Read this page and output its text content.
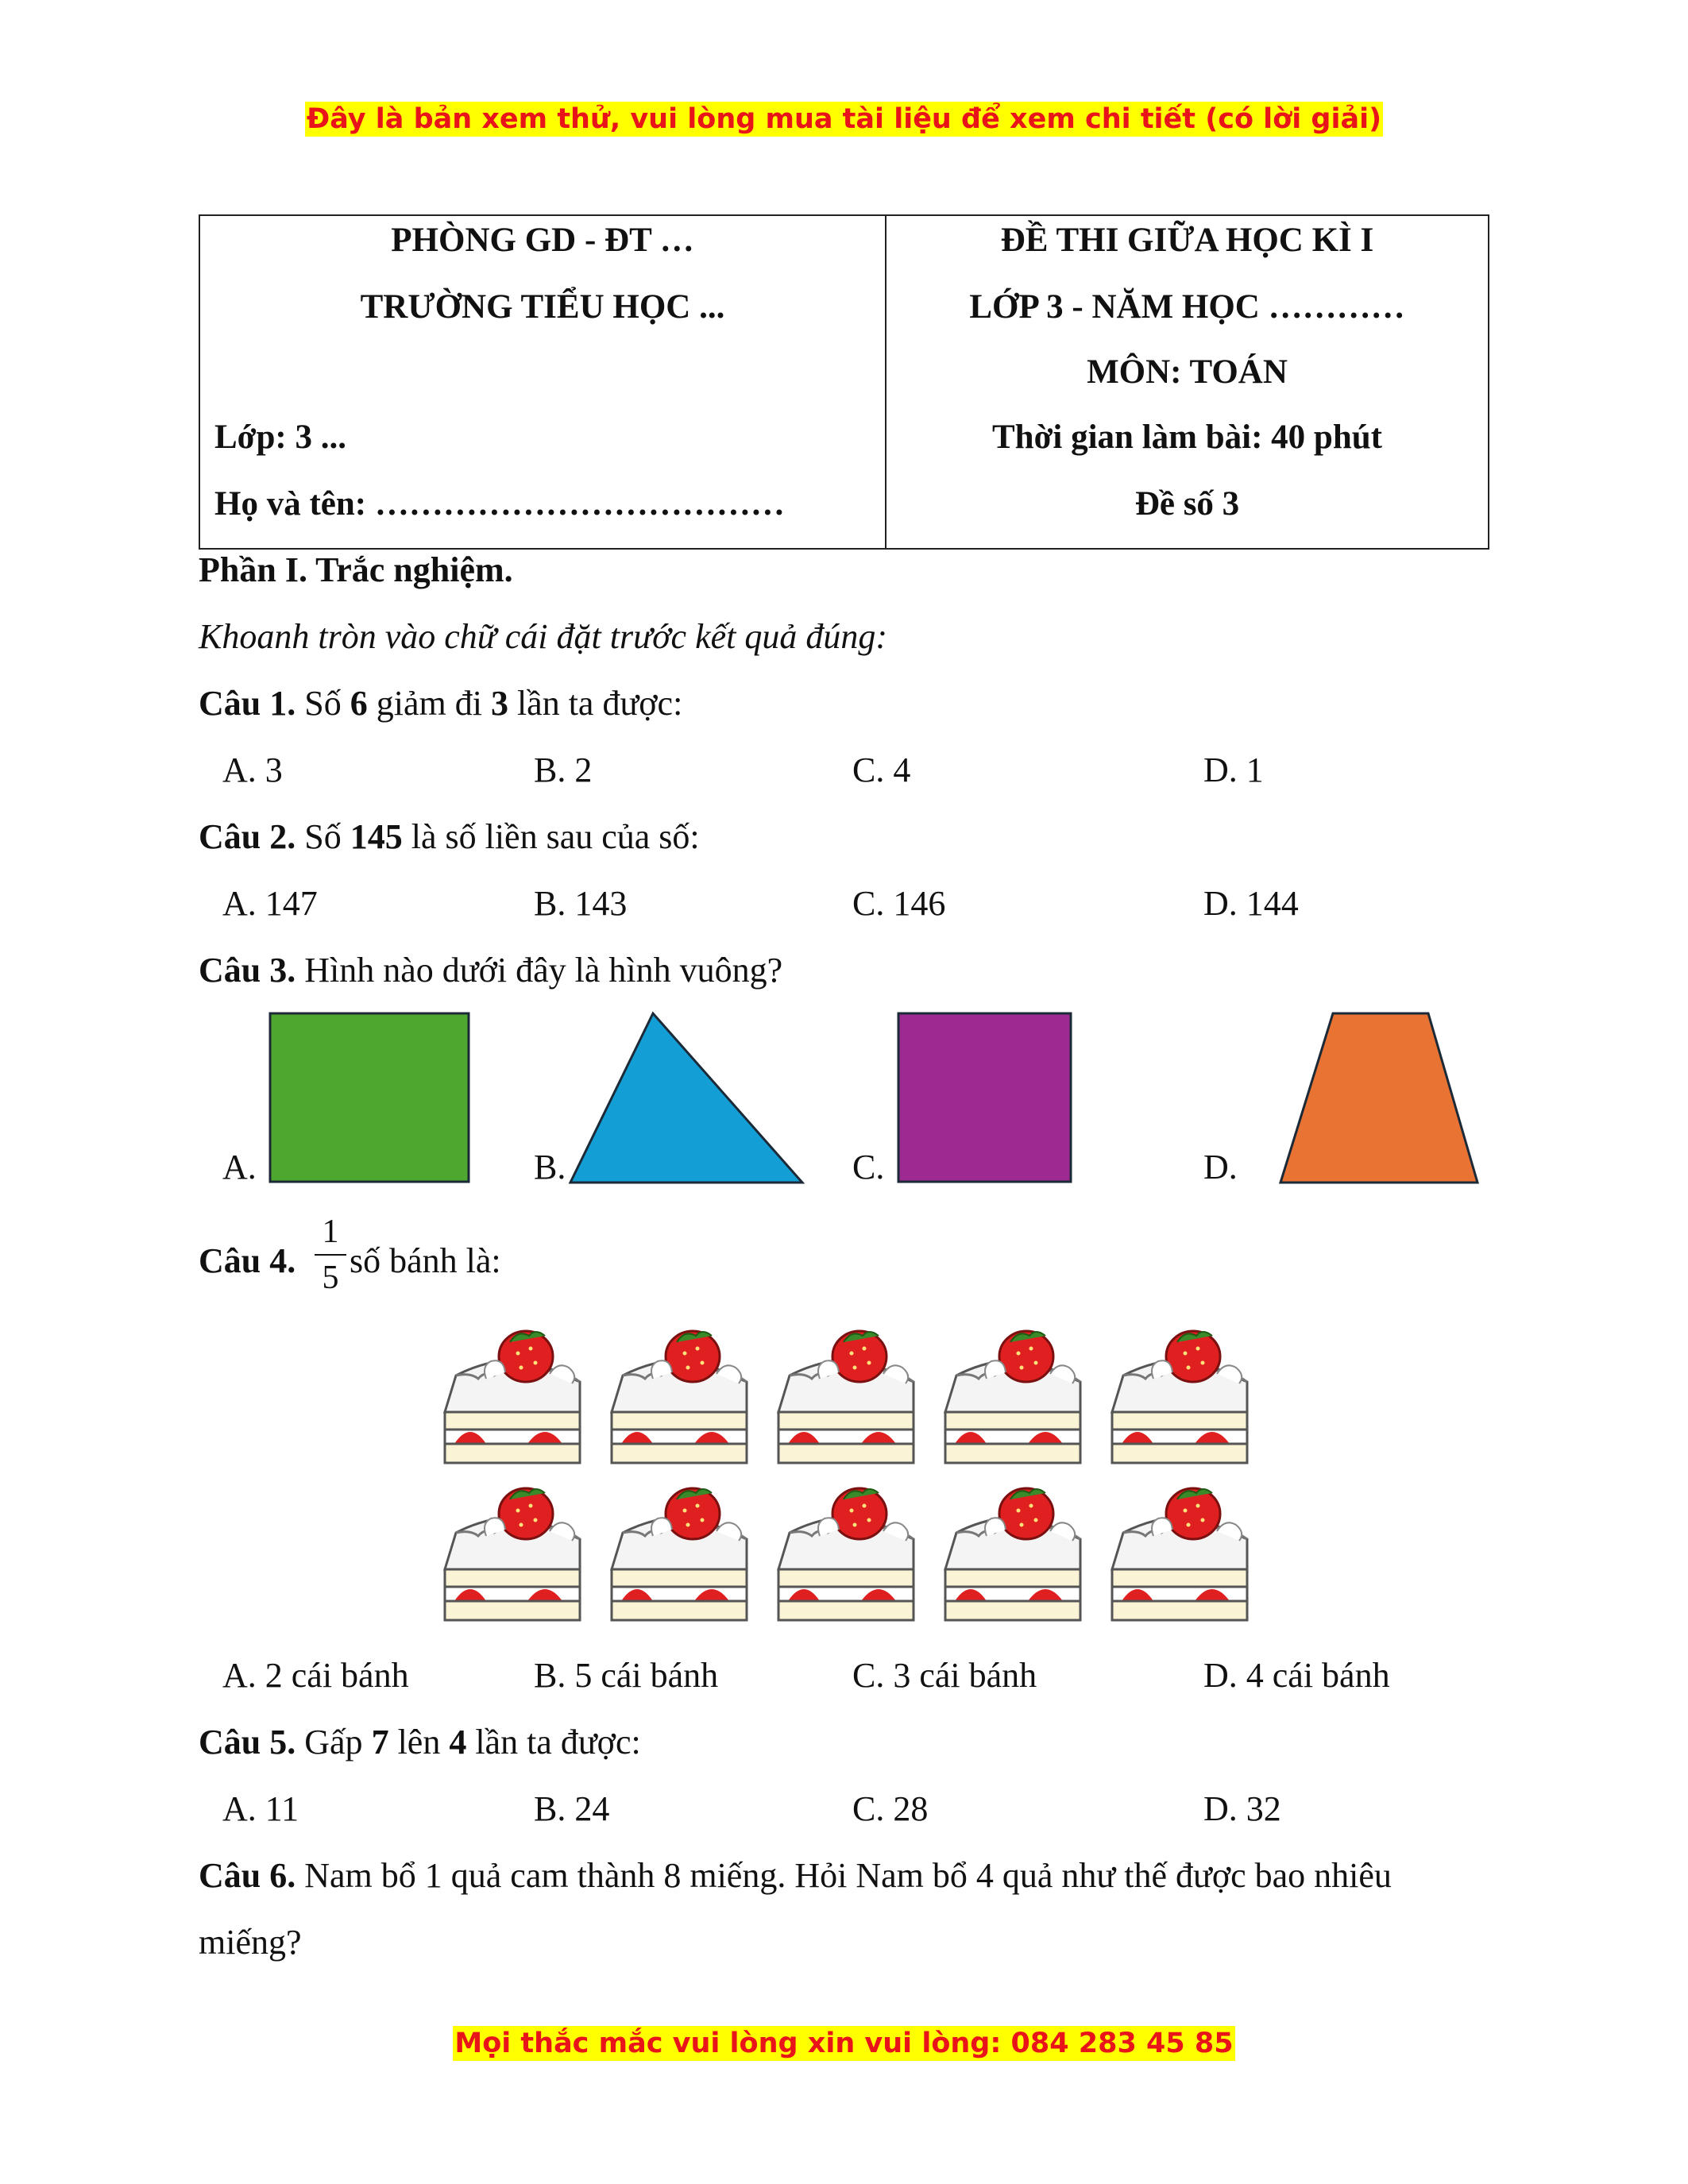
Đây là bản xem thử, vui lòng mua tài liệu để xem chi tiết (có lời giải)
PHÒNG GD - ĐT …
TRƯỜNG TIỂU HỌC ...
Lớp: 3 ...
Họ và tên: ………………………………

ĐỀ THI GIỮA HỌC KÌ I
LỚP 3 - NĂM HỌC …………
MÔN: TOÁN
Thời gian làm bài: 40 phút
Đề số 3
Phần I. Trắc nghiệm.
Khoanh tròn vào chữ cái đặt trước kết quả đúng:
Câu 1. Số 6 giảm đi 3 lần ta được:
A. 3	B. 2	C. 4	D. 1
Câu 2. Số 145 là số liền sau của số:
A. 147	B. 143	C. 146	D. 144
Câu 3. Hình nào dưới đây là hình vuông?
A.	B.	C.	D.
Câu 4.
1
5 số bánh là:
A. 2 cái bánh	B. 5 cái bánh	C. 3 cái bánh	D. 4 cái bánh
Câu 5. Gấp 7 lên 4 lần ta được:
A. 11	B. 24	C. 28	D. 32
Câu 6. Nam bổ 1 quả cam thành 8 miếng. Hỏi Nam bổ 4 quả như thế được bao nhiêu
miếng?
Mọi thắc mắc vui lòng xin vui lòng: 084 283 45 85
